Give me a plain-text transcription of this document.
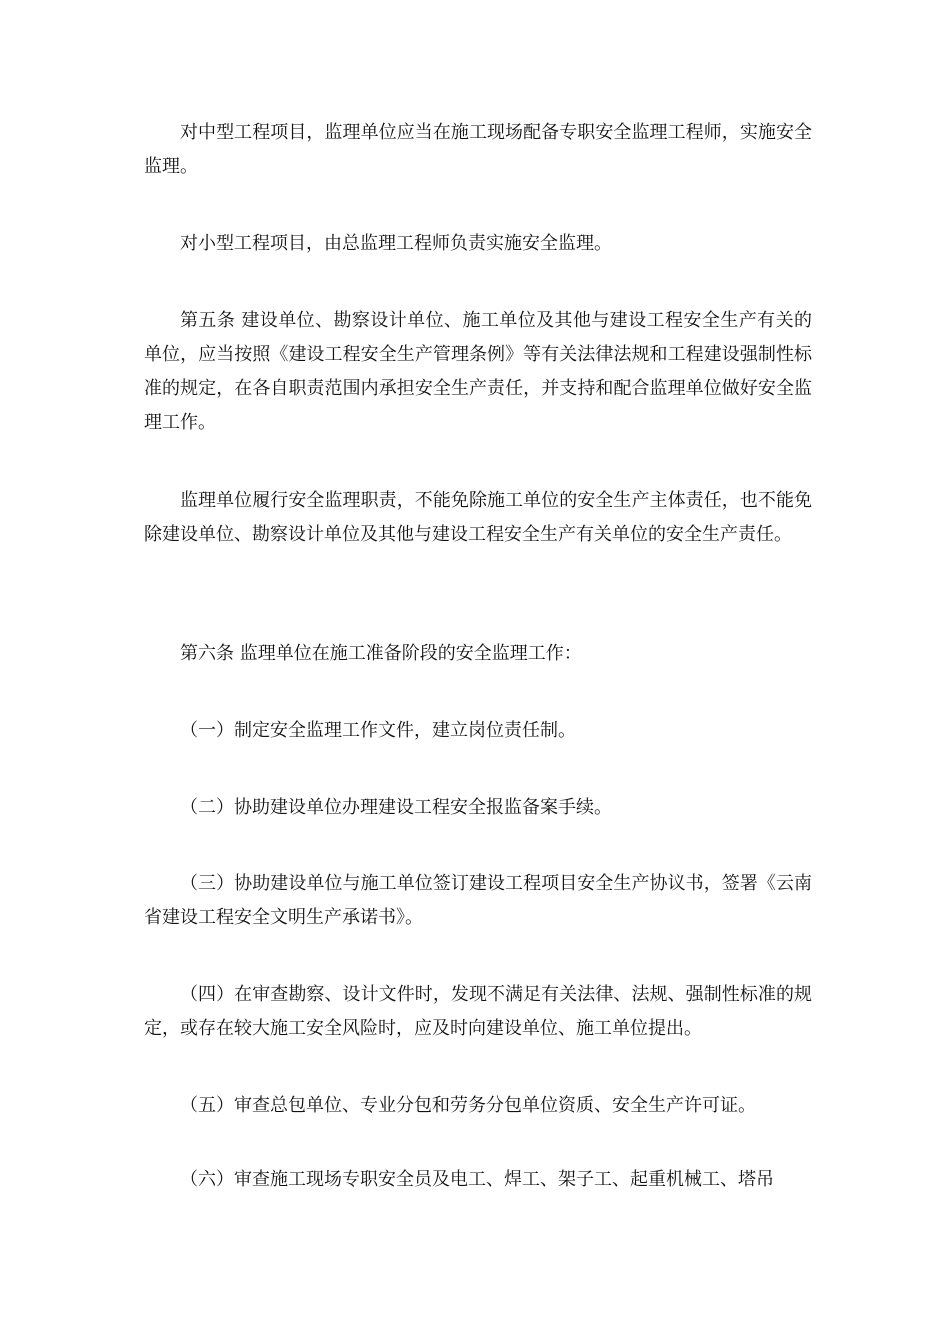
对中型工程项目，监理单位应当在施工现场配备专职安全监理工程师，实施安全监理。

对小型工程项目，由总监理工程师负责实施安全监理。

第五条 建设单位、勘察设计单位、施工单位及其他与建设工程安全生产有关的单位，应当按照《建设工程安全生产管理条例》等有关法律法规和工程建设强制性标准的规定，在各自职责范围内承担安全生产责任，并支持和配合监理单位做好安全监理工作。

监理单位履行安全监理职责，不能免除施工单位的安全生产主体责任，也不能免除建设单位、勘察设计单位及其他与建设工程安全生产有关单位的安全生产责任。

第六条 监理单位在施工准备阶段的安全监理工作：

（一）制定安全监理工作文件，建立岗位责任制。

（二）协助建设单位办理建设工程安全报监备案手续。

（三）协助建设单位与施工单位签订建设工程项目安全生产协议书，签署《云南省建设工程安全文明生产承诺书》。

（四）在审查勘察、设计文件时，发现不满足有关法律、法规、强制性标准的规定，或存在较大施工安全风险时，应及时向建设单位、施工单位提出。

（五）审查总包单位、专业分包和劳务分包单位资质、安全生产许可证。

（六）审查施工现场专职安全员及电工、焊工、架子工、起重机械工、塔吊
